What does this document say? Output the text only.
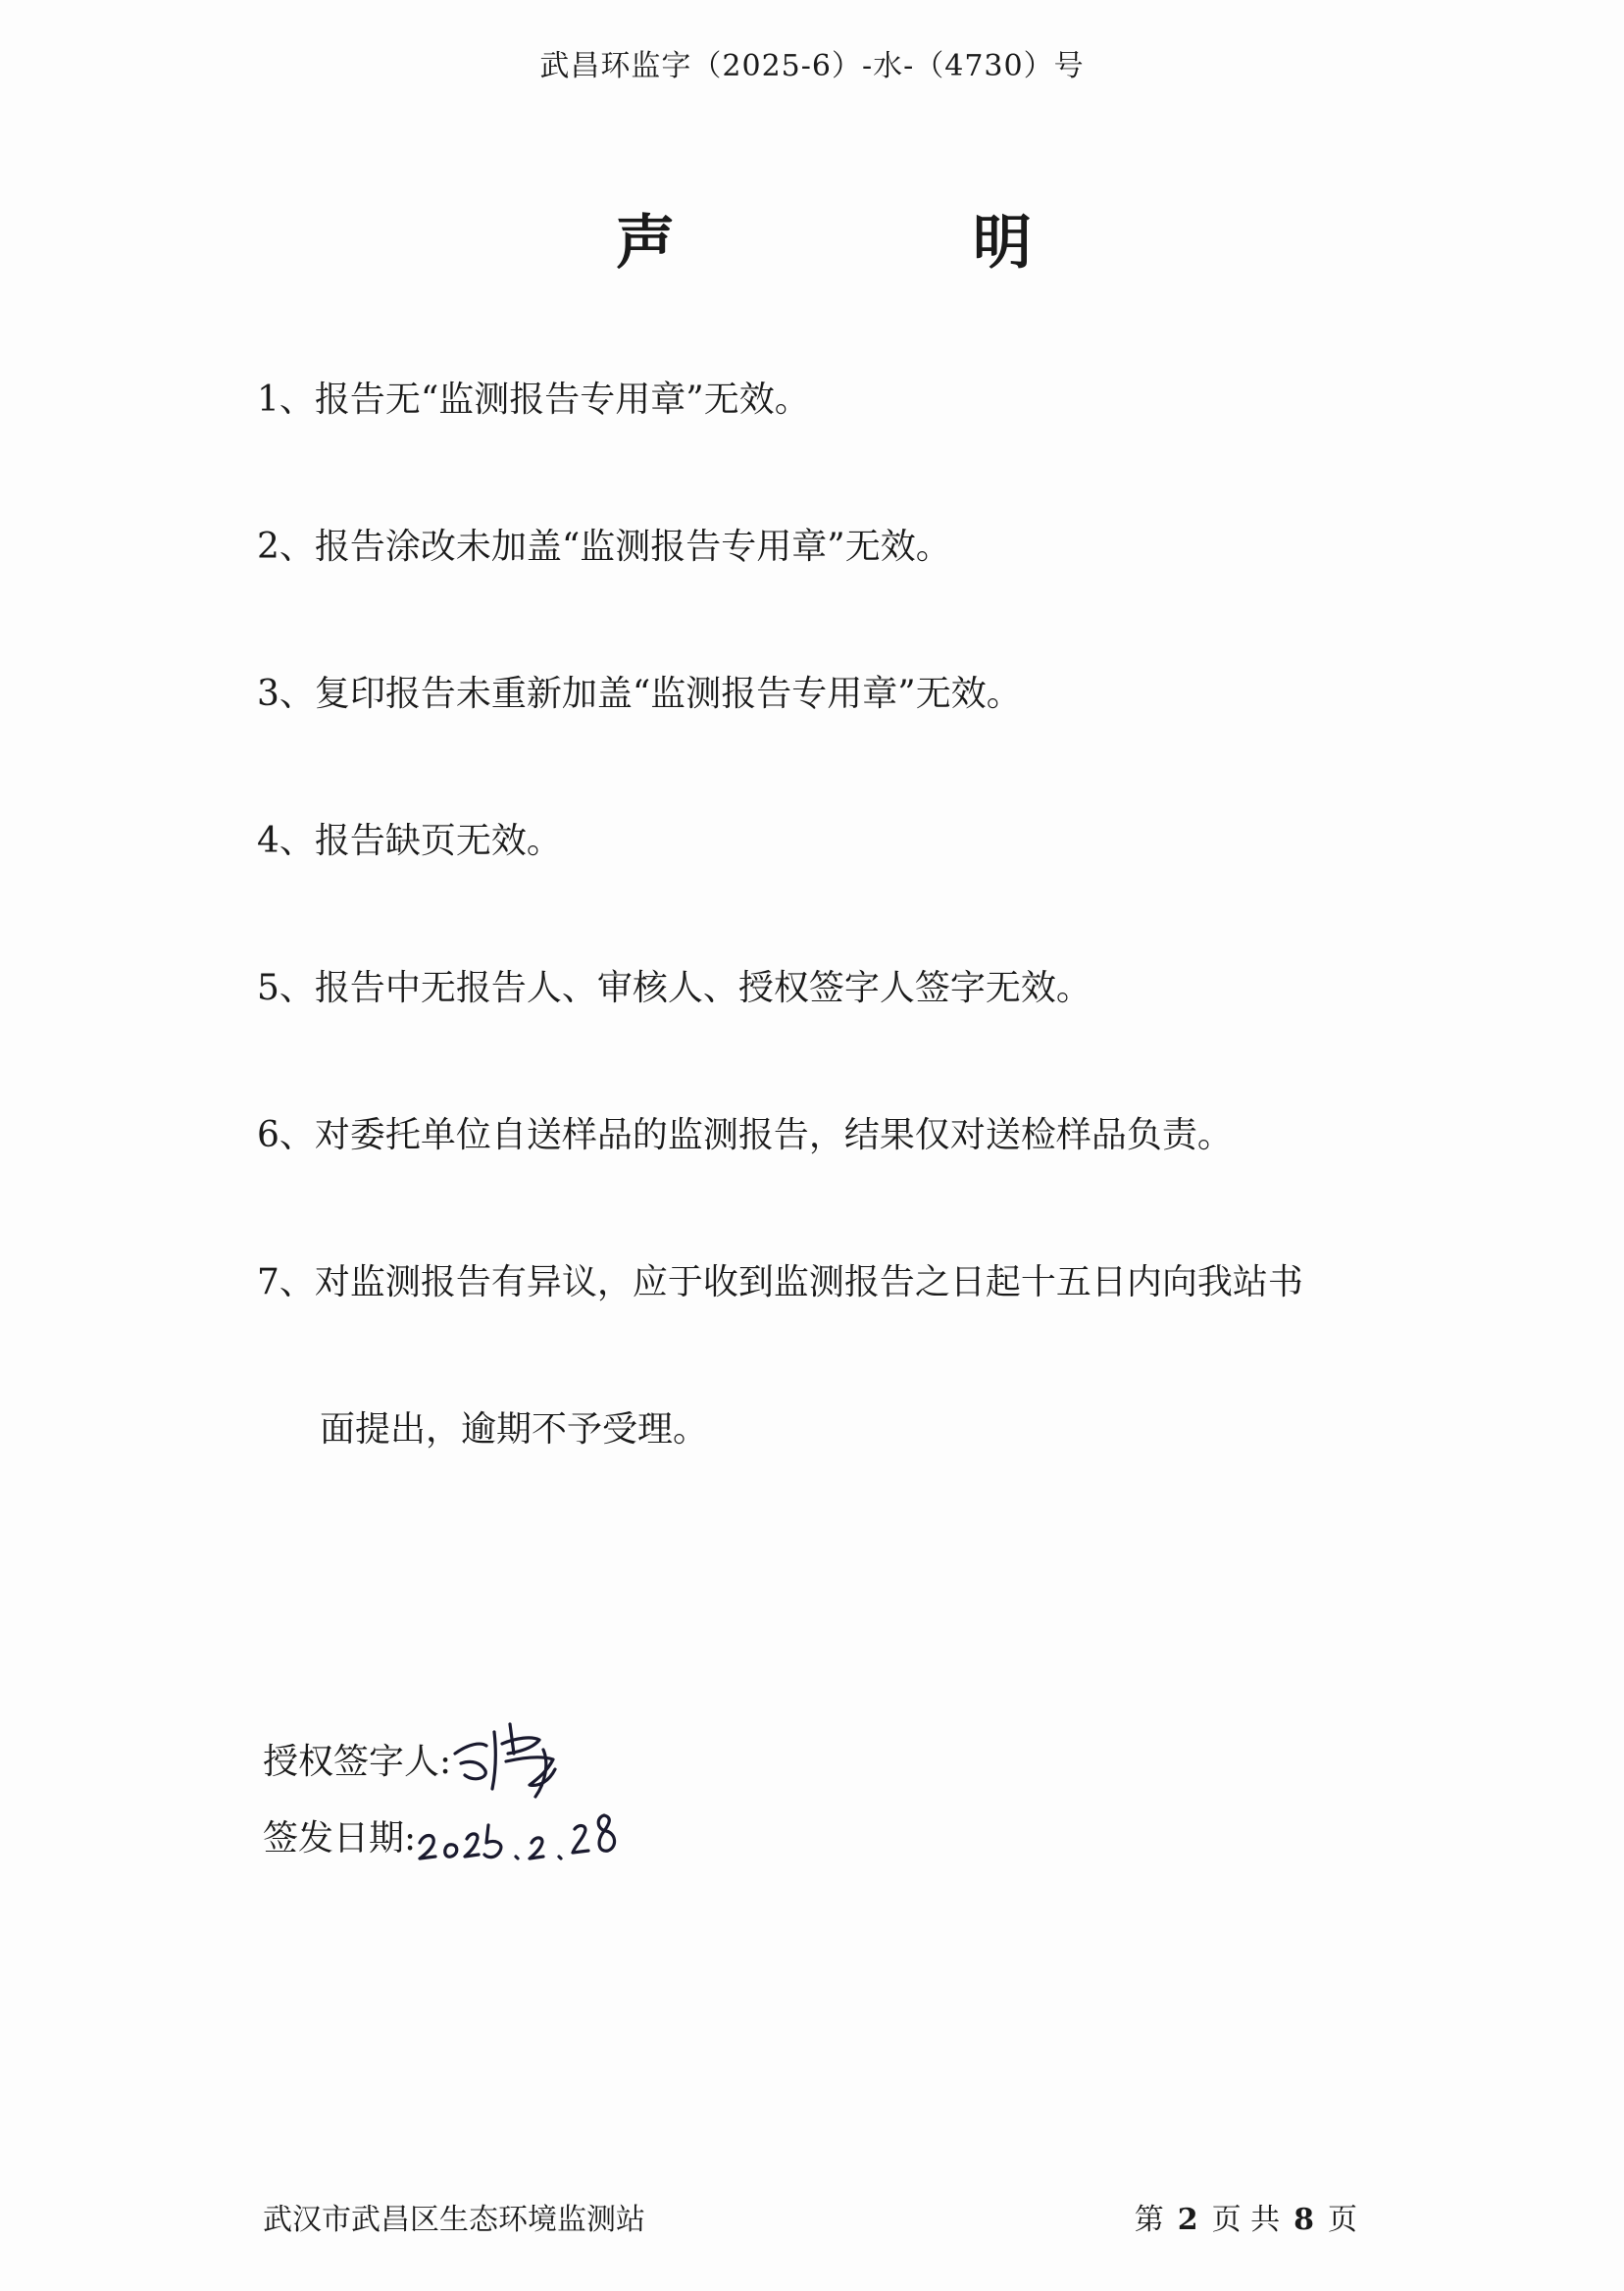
武昌环监字（2025-6）-水-（4730）号
声	明
1、报告无“监测报告专用章”无效。
2、报告涂改未加盖“监测报告专用章”无效。
3、复印报告未重新加盖“监测报告专用章”无效。
4、报告缺页无效。
5、报告中无报告人、审核人、授权签字人签字无效。
6、对委托单位自送样品的监测报告，结果仅对送检样品负责。
7、对监测报告有异议，应于收到监测报告之日起十五日内向我站书
面提出，逾期不予受理。
授权签字人:
签发日期:
武汉市武昌区生态环境监测站	第 2 页 共 8 页
